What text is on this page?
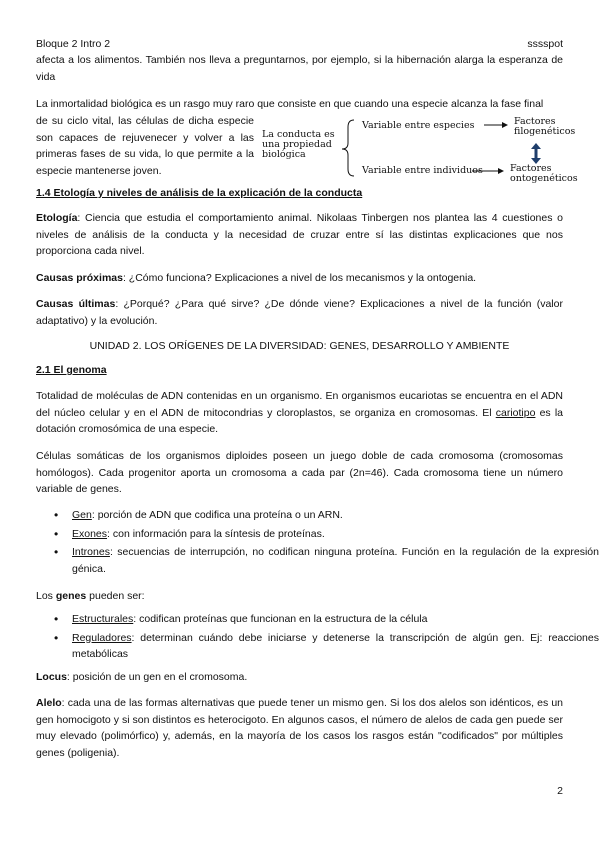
Bloque 2 Intro 2	sssspot

afecta a los alimentos. También nos lleva a preguntarnos, por ejemplo, si la hibernación alarga la esperanza de vida

La inmortalidad biológica es un rasgo muy raro que consiste en que cuando una especie alcanza la fase final

de su ciclo vital, las células de dicha especie son capaces de rejuvenecer y volver a las primeras fases de su vida, lo que permite a la especie mantenerse joven.

La conducta es una propiedad biológica
Variable entre especies
Variable entre individuos
Factores filogenéticos
Factores ontogenéticos
1.4 Etología y niveles de análisis de la explicación de la conducta

Etología: Ciencia que estudia el comportamiento animal. Nikolaas Tinbergen nos plantea las 4 cuestiones o niveles de análisis de la conducta y la necesidad de cruzar entre sí las distintas explicaciones que nos proporciona cada nivel.

Causas próximas: ¿Cómo funciona? Explicaciones a nivel de los mecanismos y la ontogenia.

Causas últimas: ¿Porqué? ¿Para qué sirve? ¿De dónde viene? Explicaciones a nivel de la función (valor adaptativo) y la evolución.

UNIDAD 2. LOS ORÍGENES DE LA DIVERSIDAD: GENES, DESARROLLO Y AMBIENTE
2.1 El genoma

Totalidad de moléculas de ADN contenidas en un organismo. En organismos eucariotas se encuentra en el ADN del núcleo celular y en el ADN de mitocondrias y cloroplastos, se organiza en cromosomas. El cariotipo es la dotación cromosómica de una especie.

Células somáticas de los organismos diploides poseen un juego doble de cada cromosoma (cromosomas homólogos). Cada progenitor aporta un cromosoma a cada par (2n=46). Cada cromosoma tiene un número variable de genes.

• Gen: porción de ADN que codifica una proteína o un ARN.
• Exones: con información para la síntesis de proteínas.
• Intrones: secuencias de interrupción, no codifican ninguna proteína. Función en la regulación de la expresión génica.

Los genes pueden ser:

• Estructurales: codifican proteínas que funcionan en la estructura de la célula
• Reguladores: determinan cuándo debe iniciarse y detenerse la transcripción de algún gen. Ej: reacciones metabólicas

Locus: posición de un gen en el cromosoma.

Alelo: cada una de las formas alternativas que puede tener un mismo gen. Si los dos alelos son idénticos, es un gen homocigoto y si son distintos es heterocigoto. En algunos casos, el número de alelos de cada gen puede ser muy elevado (polimórfico) y, además, en la mayoría de los casos los rasgos están "codificados" por múltiples genes (poligenia).

2
